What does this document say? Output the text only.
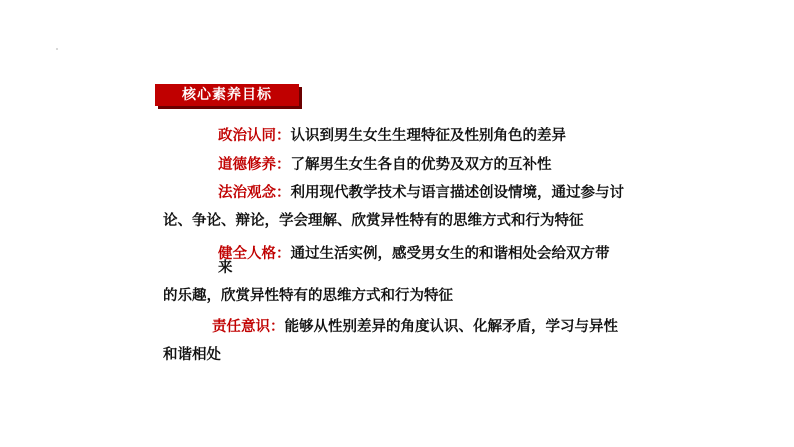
核心素养目标
政治认同：认识到男生女生生理特征及性别角色的差异
道德修养：了解男生女生各自的优势及双方的互补性
法治观念：利用现代教学技术与语言描述创设情境，通过参与讨
论、争论、辩论，学会理解、欣赏异性特有的思维方式和行为特征
健全人格：通过生活实例，感受男女生的和谐相处会给双方带
来
的乐趣，欣赏异性特有的思维方式和行为特征
责任意识：能够从性别差异的角度认识、化解矛盾，学习与异性
和谐相处
